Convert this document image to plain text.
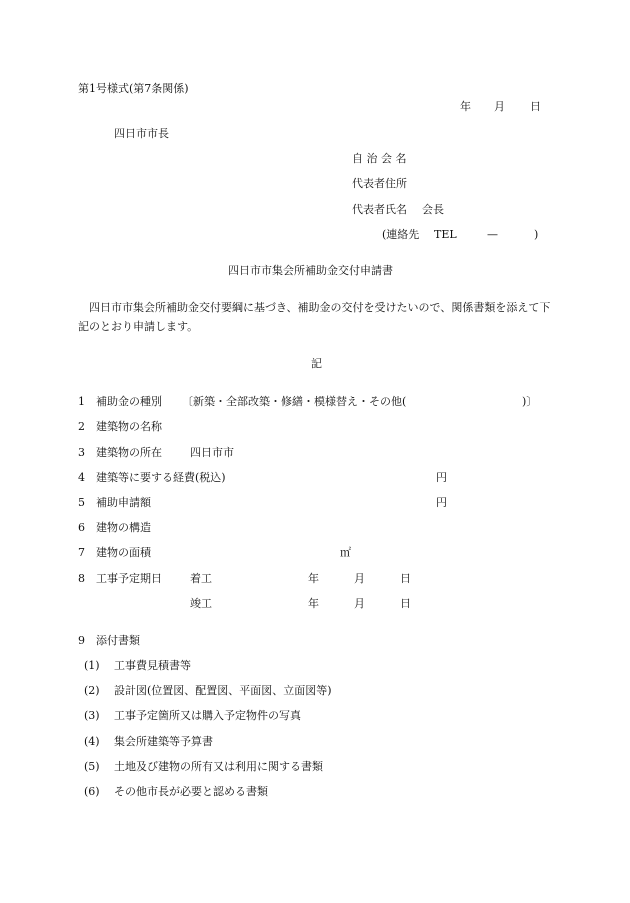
第1号様式(第7条関係)
年 月 日
四日市市長
自 治 会 名
代表者住所
代表者氏名 会長
(連絡先 TEL	—	)
四日市市集会所補助金交付申請書
四日市市集会所補助金交付要綱に基づき、補助金の交付を受けたいので、関係書類を添えて下記のとおり申請します。
記
1 補助金の種別 〔新築・全部改築・修繕・模様替え・その他(	)〕
2 建築物の名称
3 建築物の所在	四日市市
4 建築等に要する経費(税込)	円
5 補助申請額	円
6 建物の構造
7 建物の面積	㎡
8 工事予定期日	着工	年	月	日
竣工	年	月	日
9 添付書類
(1) 工事費見積書等
(2) 設計図(位置図、配置図、平面図、立面図等)
(3) 工事予定箇所又は購入予定物件の写真
(4) 集会所建築等予算書
(5) 土地及び建物の所有又は利用に関する書類
(6) その他市長が必要と認める書類
